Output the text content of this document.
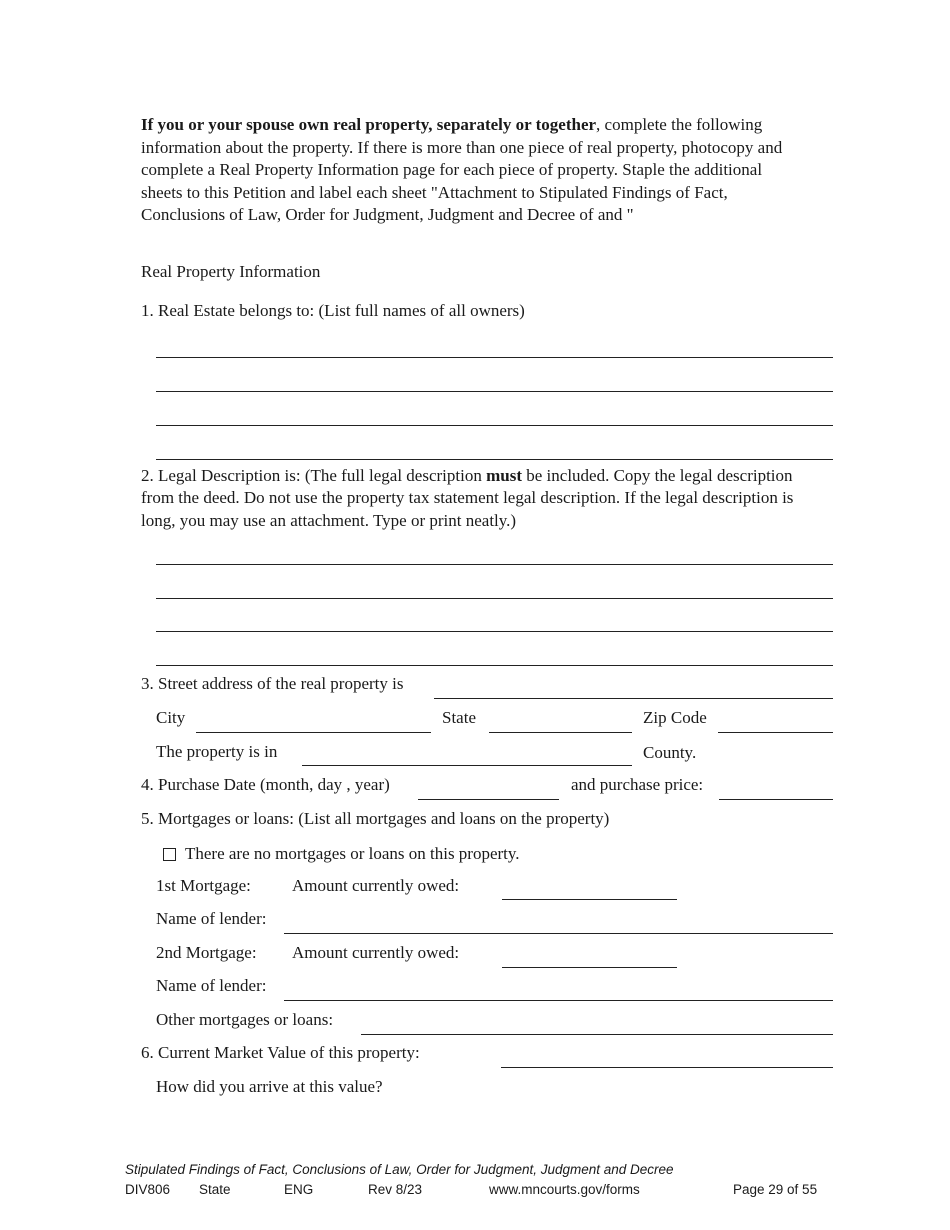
If you or your spouse own real property, separately or together, complete the following
information about the property. If there is more than one piece of real property, photocopy and
complete a Real Property Information page for each piece of property. Staple the additional
sheets to this Petition and label each sheet "Attachment to Stipulated Findings of Fact,
Conclusions of Law, Order for Judgment, Judgment and Decree of and "
Real Property Information
1. Real Estate belongs to: (List full names of all owners)
2. Legal Description is: (The full legal description must be included. Copy the legal description
from the deed. Do not use the property tax statement legal description. If the legal description is
long, you may use an attachment. Type or print neatly.)
3. Street address of the real property is
City	State	Zip Code
The property is in	County.
4. Purchase Date (month, day , year)	and purchase price:
5. Mortgages or loans: (List all mortgages and loans on the property)
There are no mortgages or loans on this property.
1st Mortgage: Amount currently owed:
Name of lender:
2nd Mortgage: Amount currently owed:
Name of lender:
Other mortgages or loans:
6. Current Market Value of this property:
How did you arrive at this value?
Stipulated Findings of Fact, Conclusions of Law, Order for Judgment, Judgment and Decree
DIV806 State	ENG	Rev 8/23	www.mncourts.gov/forms	Page 29 of 55
